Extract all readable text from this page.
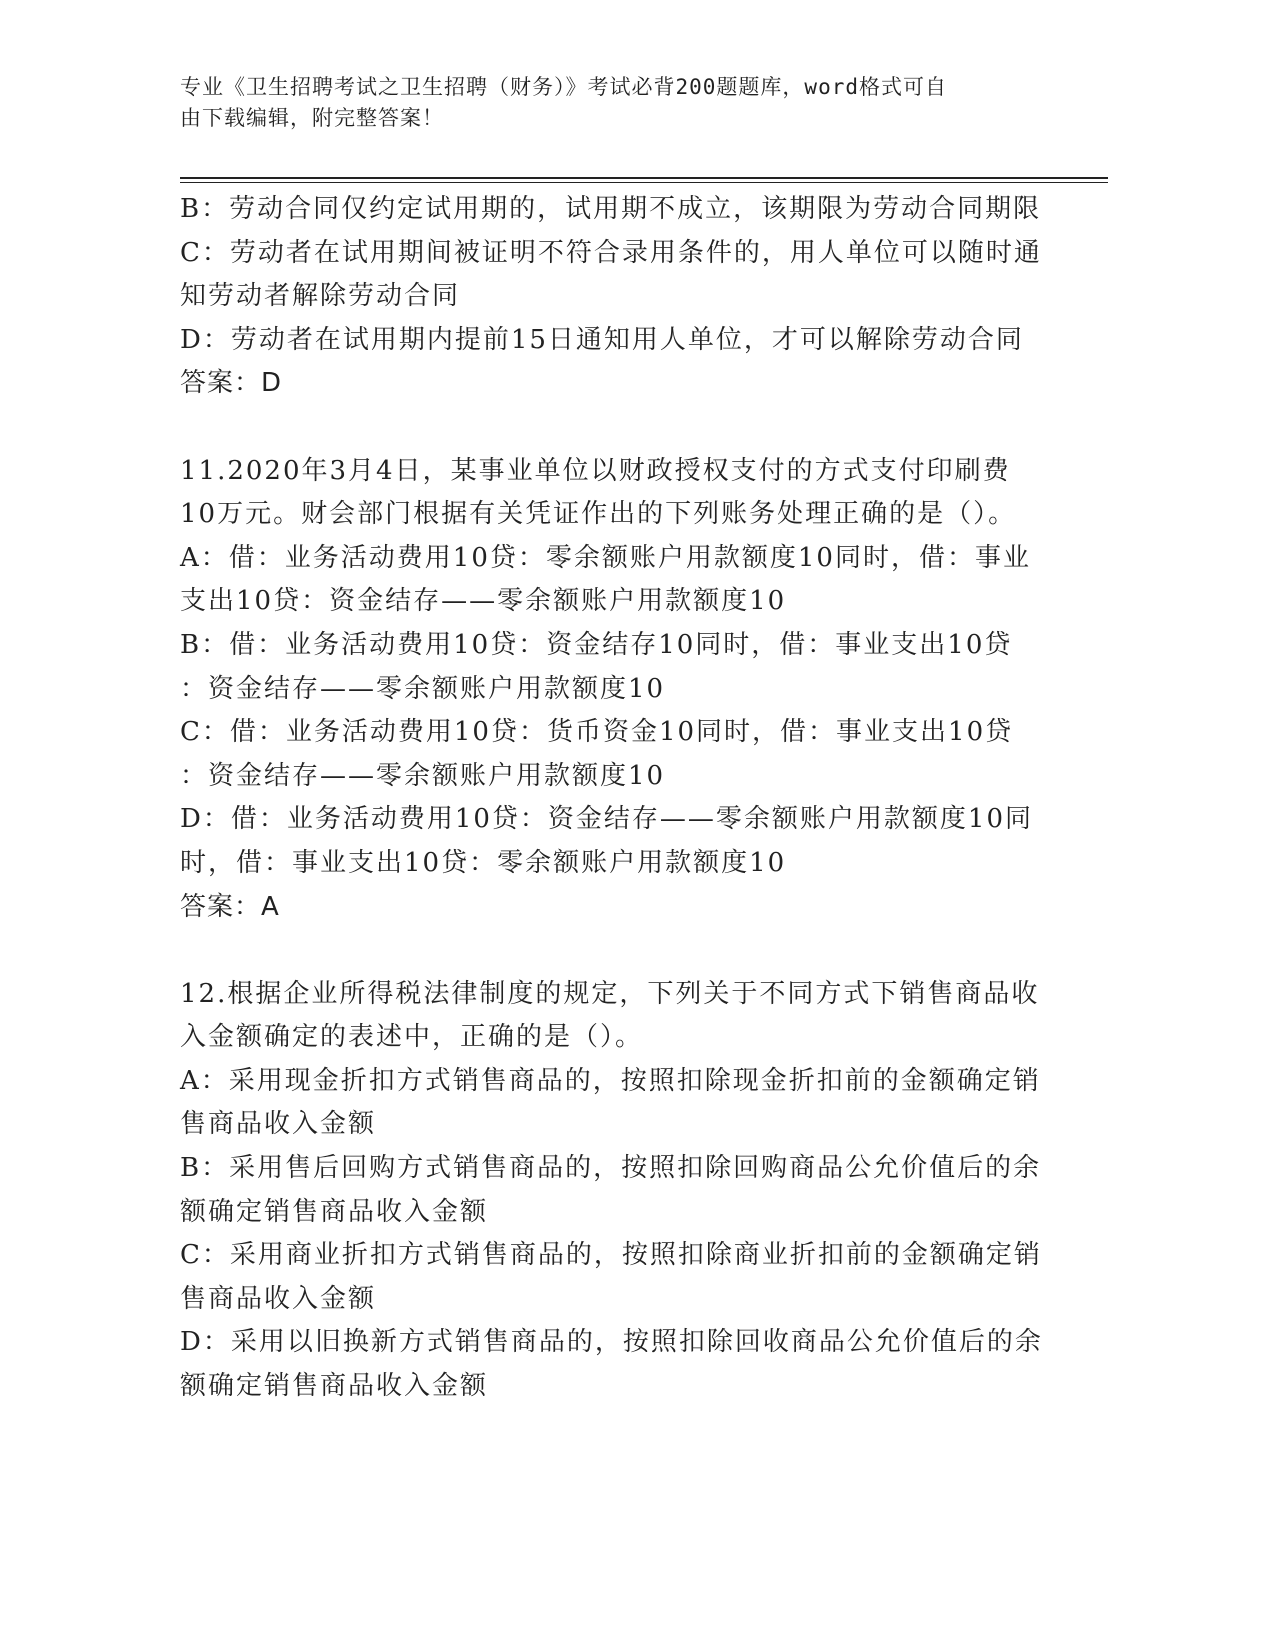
专业《卫生招聘考试之卫生招聘（财务）》考试必背200题题库，word格式可自
由下载编辑，附完整答案！
B：劳动合同仅约定试用期的，试用期不成立，该期限为劳动合同期限
C：劳动者在试用期间被证明不符合录用条件的，用人单位可以随时通
知劳动者解除劳动合同
D：劳动者在试用期内提前15日通知用人单位，才可以解除劳动合同
答案：D
11.2020年3月4日，某事业单位以财政授权支付的方式支付印刷费
10万元。财会部门根据有关凭证作出的下列账务处理正确的是（）。
A：借：业务活动费用10贷：零余额账户用款额度10同时，借：事业
支出10贷：资金结存——零余额账户用款额度10
B：借：业务活动费用10贷：资金结存10同时，借：事业支出10贷
：资金结存——零余额账户用款额度10
C：借：业务活动费用10贷：货币资金10同时，借：事业支出10贷
：资金结存——零余额账户用款额度10
D：借：业务活动费用10贷：资金结存——零余额账户用款额度10同
时，借：事业支出10贷：零余额账户用款额度10
答案：A
12.根据企业所得税法律制度的规定，下列关于不同方式下销售商品收
入金额确定的表述中，正确的是（）。
A：采用现金折扣方式销售商品的，按照扣除现金折扣前的金额确定销
售商品收入金额
B：采用售后回购方式销售商品的，按照扣除回购商品公允价值后的余
额确定销售商品收入金额
C：采用商业折扣方式销售商品的，按照扣除商业折扣前的金额确定销
售商品收入金额
D：采用以旧换新方式销售商品的，按照扣除回收商品公允价值后的余
额确定销售商品收入金额
